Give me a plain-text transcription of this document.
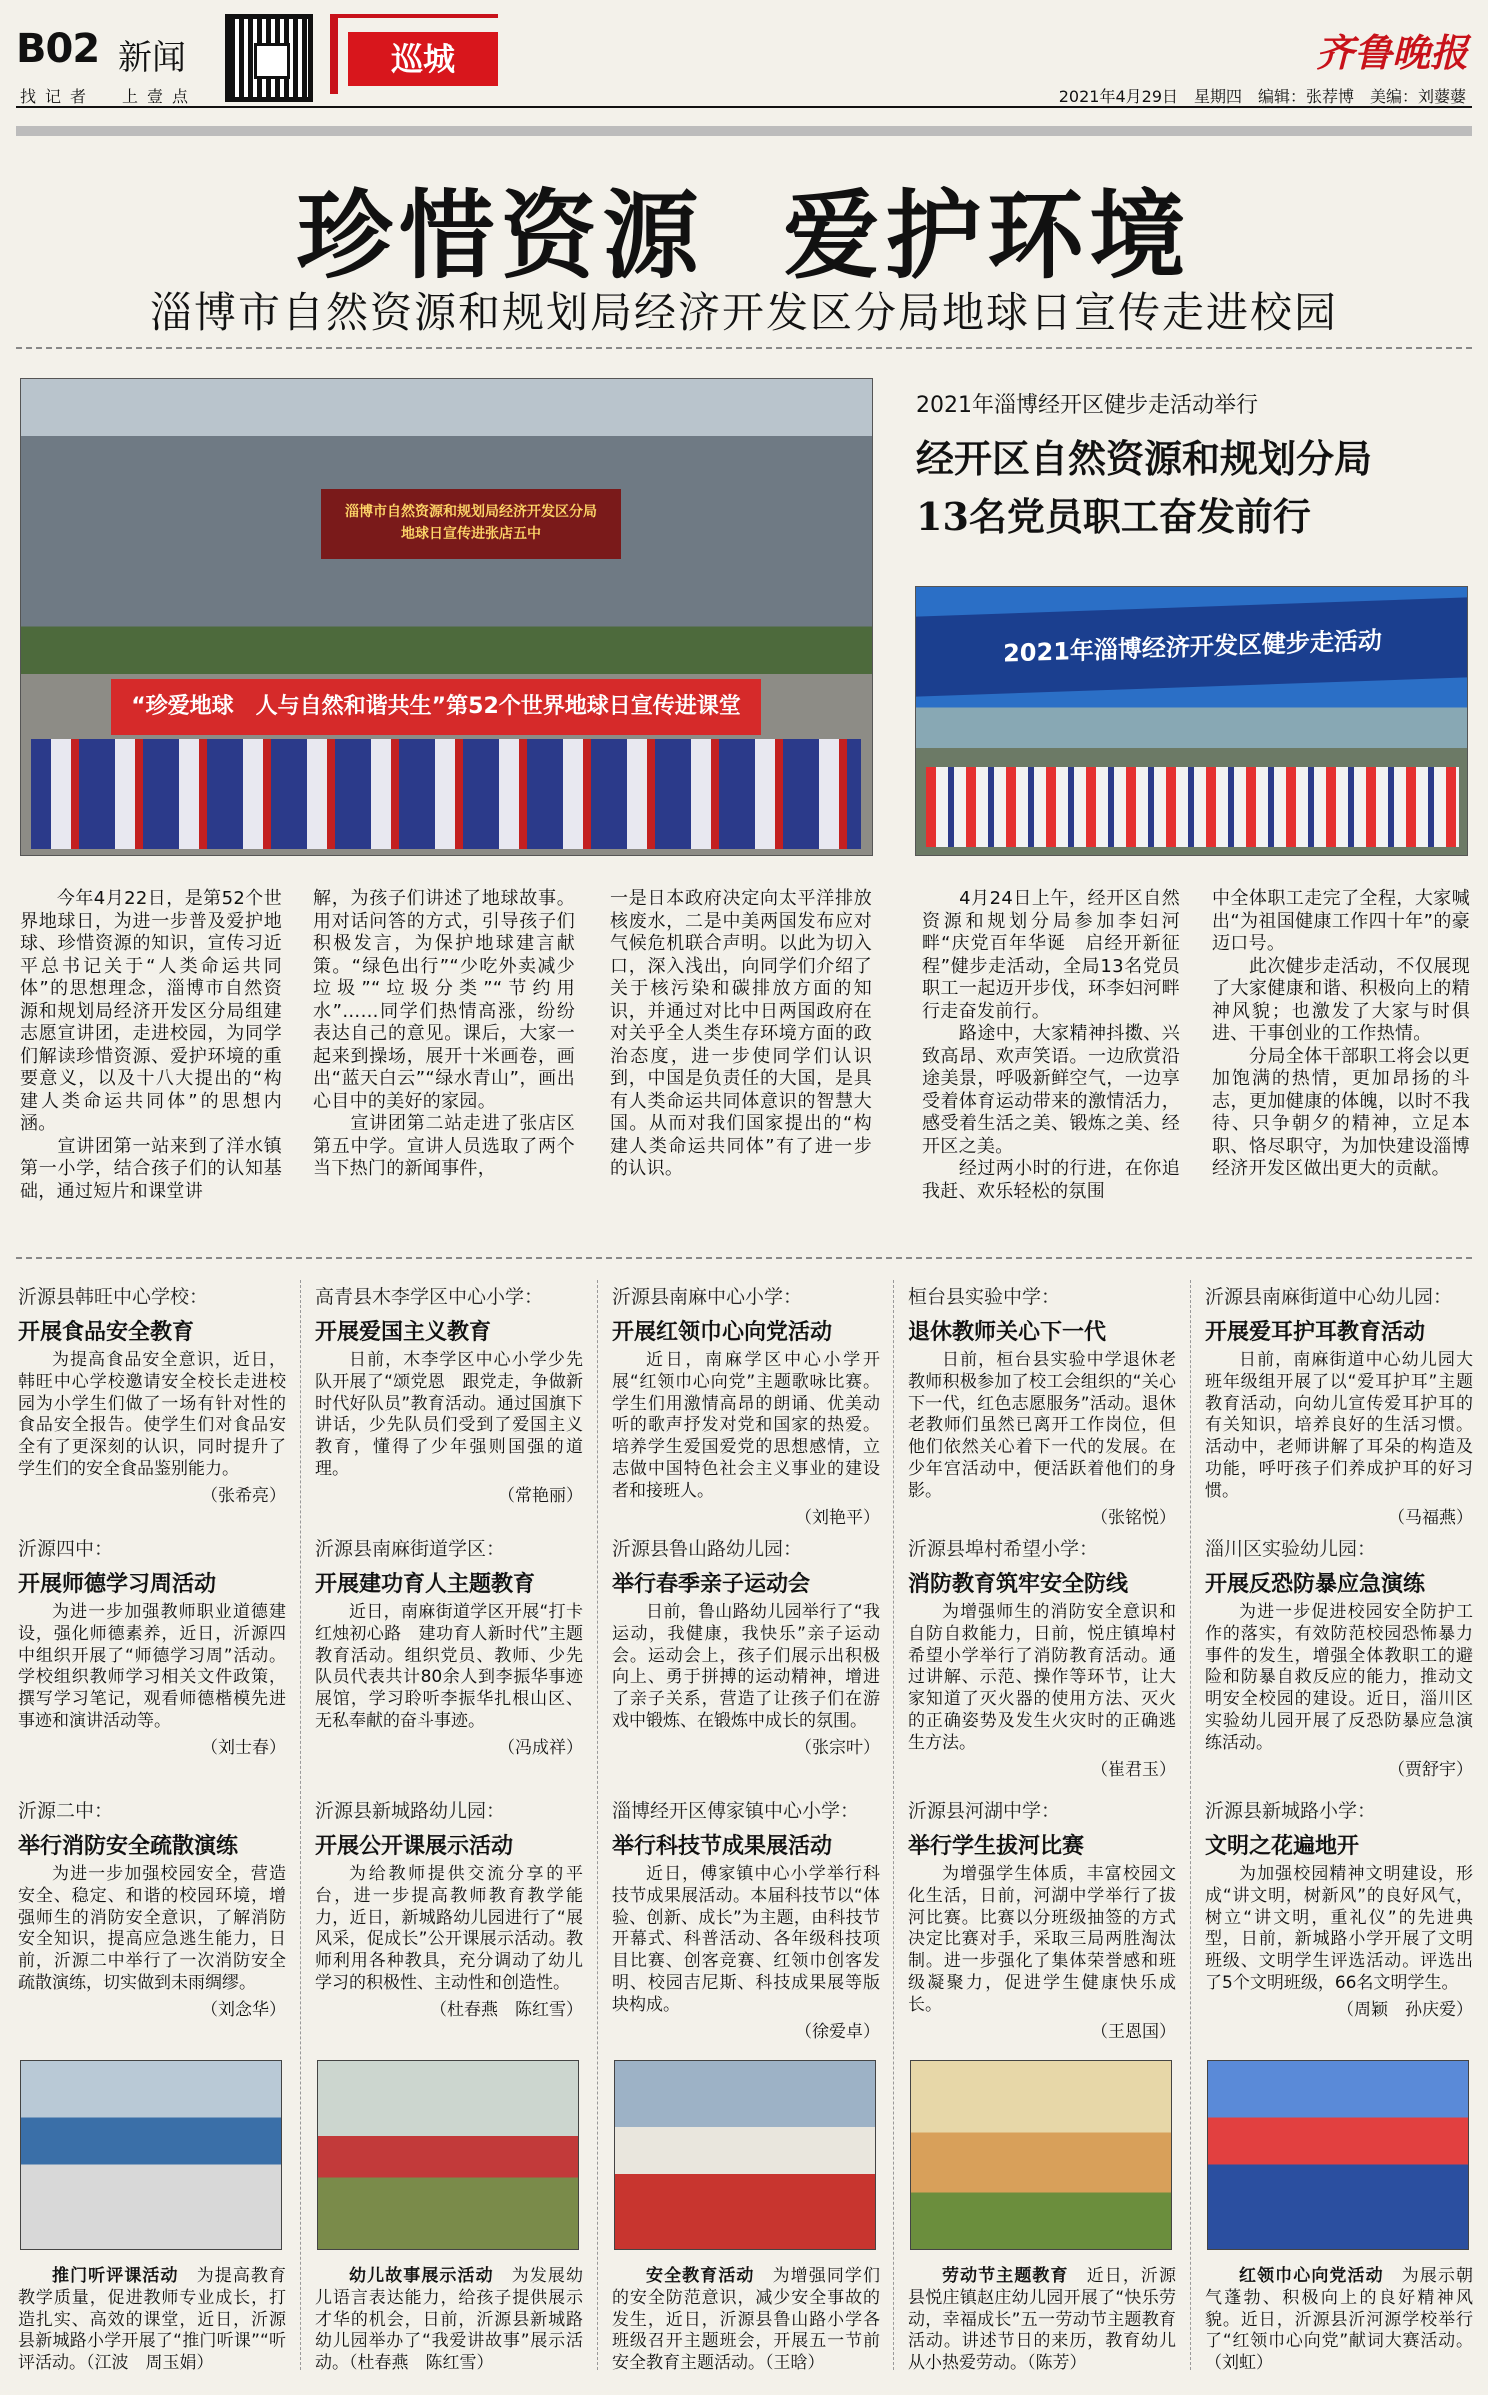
B02 新闻
找记者 上壹点
巡城	齐鲁晚报
2021年4月29日　星期四　编辑：张荐博　美编：刘蔢蔢
珍惜资源  爱护环境
淄博市自然资源和规划局经济开发区分局地球日宣传走进校园
淄博市自然资源和规划局经济开发区分局
地球日宣传进张店五中
“珍爱地球　人与自然和谐共生”第52个世界地球日宣传进课堂
2021年淄博经开区健步走活动举行
经开区自然资源和规划分局
13名党员职工奋发前行
2021年淄博经济开发区健步走活动
　　今年4月22日，是第52个世界地球日，为进一步普及爱护地球、珍惜资源的知识，宣传习近平总书记关于“人类命运共同体”的思想理念，淄博市自然资源和规划局经济开发区分局组建志愿宣讲团，走进校园，为同学们解读珍惜资源、爱护环境的重要意义，以及十八大提出的“构建人类命运共同体”的思想内涵。
　　宣讲团第一站来到了洋水镇第一小学，结合孩子们的认知基础，通过短片和课堂讲
解，为孩子们讲述了地球故事。用对话问答的方式，引导孩子们积极发言，为保护地球建言献策。“绿色出行”“少吃外卖减少垃圾”“垃圾分类”“节约用水”……同学们热情高涨，纷纷表达自己的意见。课后，大家一起来到操场，展开十米画卷，画出“蓝天白云”“绿水青山”，画出心目中的美好的家园。
　　宣讲团第二站走进了张店区第五中学。宣讲人员选取了两个当下热门的新闻事件，
一是日本政府决定向太平洋排放核废水，二是中美两国发布应对气候危机联合声明。以此为切入口，深入浅出，向同学们介绍了关于核污染和碳排放方面的知识，并通过对比中日两国政府在对关乎全人类生存环境方面的政治态度，进一步使同学们认识到，中国是负责任的大国，是具有人类命运共同体意识的智慧大国。从而对我们国家提出的“构建人类命运共同体”有了进一步的认识。
　　4月24日上午，经开区自然资源和规划分局参加李妇河畔“庆党百年华诞　启经开新征程”健步走活动，全局13名党员职工一起迈开步伐，环李妇河畔行走奋发前行。
　　路途中，大家精神抖擞、兴致高昂、欢声笑语。一边欣赏沿途美景，呼吸新鲜空气，一边享受着体育运动带来的激情活力，感受着生活之美、锻炼之美、经开区之美。
　　经过两小时的行进，在你追我赶、欢乐轻松的氛围
中全体职工走完了全程，大家喊出“为祖国健康工作四十年”的豪迈口号。
　　此次健步走活动，不仅展现了大家健康和谐、积极向上的精神风貌；也激发了大家与时俱进、干事创业的工作热情。
　　分局全体干部职工将会以更加饱满的热情，更加昂扬的斗志，更加健康的体魄，以时不我待、只争朝夕的精神，立足本职、恪尽职守，为加快建设淄博经济开发区做出更大的贡献。
沂源县韩旺中心学校：
开展食品安全教育
为提高食品安全意识，近日，韩旺中心学校邀请安全校长走进校园为小学生们做了一场有针对性的食品安全报告。使学生们对食品安全有了更深刻的认识，同时提升了学生们的安全食品鉴别能力。
（张希亮）
高青县木李学区中心小学：
开展爱国主义教育
日前，木李学区中心小学少先队开展了“颂党恩　跟党走，争做新时代好队员”教育活动。通过国旗下讲话，少先队员们受到了爱国主义教育，懂得了少年强则国强的道理。
（常艳丽）
沂源县南麻中心小学：
开展红领巾心向党活动
近日，南麻学区中心小学开展“红领巾心向党”主题歌咏比赛。学生们用激情高昂的朗诵、优美动听的歌声抒发对党和国家的热爱。培养学生爱国爱党的思想感情，立志做中国特色社会主义事业的建设者和接班人。
（刘艳平）
桓台县实验中学：
退休教师关心下一代
日前，桓台县实验中学退休老教师积极参加了校工会组织的“关心下一代，红色志愿服务”活动。退休老教师们虽然已离开工作岗位，但他们依然关心着下一代的发展。在少年宫活动中，便活跃着他们的身影。
（张铭悦）
沂源县南麻街道中心幼儿园：
开展爱耳护耳教育活动
日前，南麻街道中心幼儿园大班年级组开展了以“爱耳护耳”主题教育活动，向幼儿宣传爱耳护耳的有关知识，培养良好的生活习惯。活动中，老师讲解了耳朵的构造及功能，呼吁孩子们养成护耳的好习惯。
（马福燕）
沂源四中：
开展师德学习周活动
为进一步加强教师职业道德建设，强化师德素养，近日，沂源四中组织开展了“师德学习周”活动。学校组织教师学习相关文件政策，撰写学习笔记，观看师德楷模先进事迹和演讲活动等。
（刘士春）
沂源县南麻街道学区：
开展建功育人主题教育
近日，南麻街道学区开展“打卡红烛初心路　建功育人新时代”主题教育活动。组织党员、教师、少先队员代表共计80余人到李振华事迹展馆，学习聆听李振华扎根山区、无私奉献的奋斗事迹。
（冯成祥）
沂源县鲁山路幼儿园：
举行春季亲子运动会
日前，鲁山路幼儿园举行了“我运动，我健康，我快乐”亲子运动会。运动会上，孩子们展示出积极向上、勇于拼搏的运动精神，增进了亲子关系，营造了让孩子们在游戏中锻炼、在锻炼中成长的氛围。
（张宗叶）
沂源县埠村希望小学：
消防教育筑牢安全防线
为增强师生的消防安全意识和自防自救能力，日前，悦庄镇埠村希望小学举行了消防教育活动。通过讲解、示范、操作等环节，让大家知道了灭火器的使用方法、灭火的正确姿势及发生火灾时的正确逃生方法。
（崔君玉）
淄川区实验幼儿园：
开展反恐防暴应急演练
为进一步促进校园安全防护工作的落实，有效防范校园恐怖暴力事件的发生，增强全体教职工的避险和防暴自救反应的能力，推动文明安全校园的建设。近日，淄川区实验幼儿园开展了反恐防暴应急演练活动。
（贾舒宇）
沂源二中：
举行消防安全疏散演练
为进一步加强校园安全，营造安全、稳定、和谐的校园环境，增强师生的消防安全意识，了解消防安全知识，提高应急逃生能力，日前，沂源二中举行了一次消防安全疏散演练，切实做到未雨绸缪。
（刘念华）
沂源县新城路幼儿园：
开展公开课展示活动
为给教师提供交流分享的平台，进一步提高教师教育教学能力，近日，新城路幼儿园进行了“展风采，促成长”公开课展示活动。教师利用各种教具，充分调动了幼儿学习的积极性、主动性和创造性。
（杜春燕　陈红雪）
淄博经开区傅家镇中心小学：
举行科技节成果展活动
近日，傅家镇中心小学举行科技节成果展活动。本届科技节以“体验、创新、成长”为主题，由科技节开幕式、科普活动、各年级科技项目比赛、创客竞赛、红领巾创客发明、校园吉尼斯、科技成果展等版块构成。
（徐爱卓）
沂源县河湖中学：
举行学生拔河比赛
为增强学生体质，丰富校园文化生活，日前，河湖中学举行了拔河比赛。比赛以分班级抽签的方式决定比赛对手，采取三局两胜淘汰制。进一步强化了集体荣誉感和班级凝聚力，促进学生健康快乐成长。
（王恩国）
沂源县新城路小学：
文明之花遍地开
为加强校园精神文明建设，形成“讲文明，树新风”的良好风气，树立“讲文明，重礼仪”的先进典型，日前，新城路小学开展了文明班级、文明学生评选活动。评选出了5个文明班级，66名文明学生。
（周颖　孙庆爱）
推门听评课活动　 为提高教育教学质量，促进教师专业成长，打造扎实、高效的课堂，近日，沂源县新城路小学开展了“推门听课”“听评活动。（江波　周玉娟）
幼儿故事展示活动　 为发展幼儿语言表达能力，给孩子提供展示才华的机会，日前，沂源县新城路幼儿园举办了“我爱讲故事”展示活动。（杜春燕　陈红雪）
安全教育活动　 为增强同学们的安全防范意识，减少安全事故的发生，近日，沂源县鲁山路小学各班级召开主题班会，开展五一节前安全教育主题活动。（王晗）
劳动节主题教育　 近日，沂源县悦庄镇赵庄幼儿园开展了“快乐劳动，幸福成长”五一劳动节主题教育活动。讲述节日的来历，教育幼儿从小热爱劳动。（陈芳）
红领巾心向党活动　 为展示朝气蓬勃、积极向上的良好精神风貌。近日，沂源县沂河源学校举行了“红领巾心向党”献词大赛活动。（刘虹）
